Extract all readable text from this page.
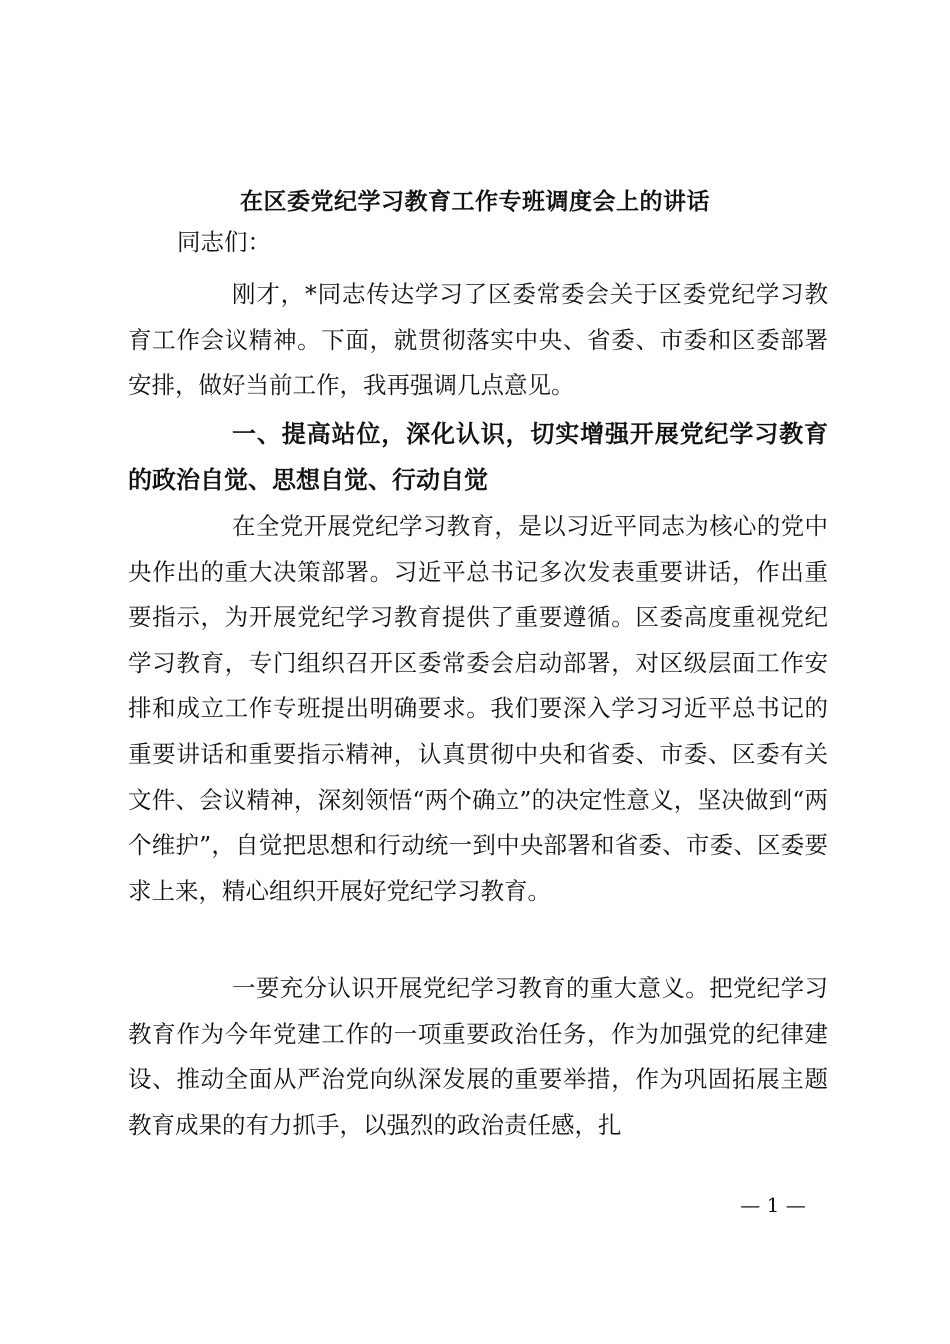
在区委党纪学习教育工作专班调度会上的讲话

同志们：

刚才，*同志传达学习了区委常委会关于区委党纪学习教育工作会议精神。下面，就贯彻落实中央、省委、市委和区委部署安排，做好当前工作，我再强调几点意见。

一、提高站位，深化认识，切实增强开展党纪学习教育的政治自觉、思想自觉、行动自觉

在全党开展党纪学习教育，是以习近平同志为核心的党中央作出的重大决策部署。习近平总书记多次发表重要讲话，作出重要指示，为开展党纪学习教育提供了重要遵循。区委高度重视党纪学习教育，专门组织召开区委常委会启动部署，对区级层面工作安排和成立工作专班提出明确要求。我们要深入学习习近平总书记的重要讲话和重要指示精神，认真贯彻中央和省委、市委、区委有关文件、会议精神，深刻领悟“两个确立”的决定性意义，坚决做到“两个维护”，自觉把思想和行动统一到中央部署和省委、市委、区委要求上来，精心组织开展好党纪学习教育。

一要充分认识开展党纪学习教育的重大意义。把党纪学习教育作为今年党建工作的一项重要政治任务，作为加强党的纪律建设、推动全面从严治党向纵深发展的重要举措，作为巩固拓展主题教育成果的有力抓手，以强烈的政治责任感，扎

— 1 —
